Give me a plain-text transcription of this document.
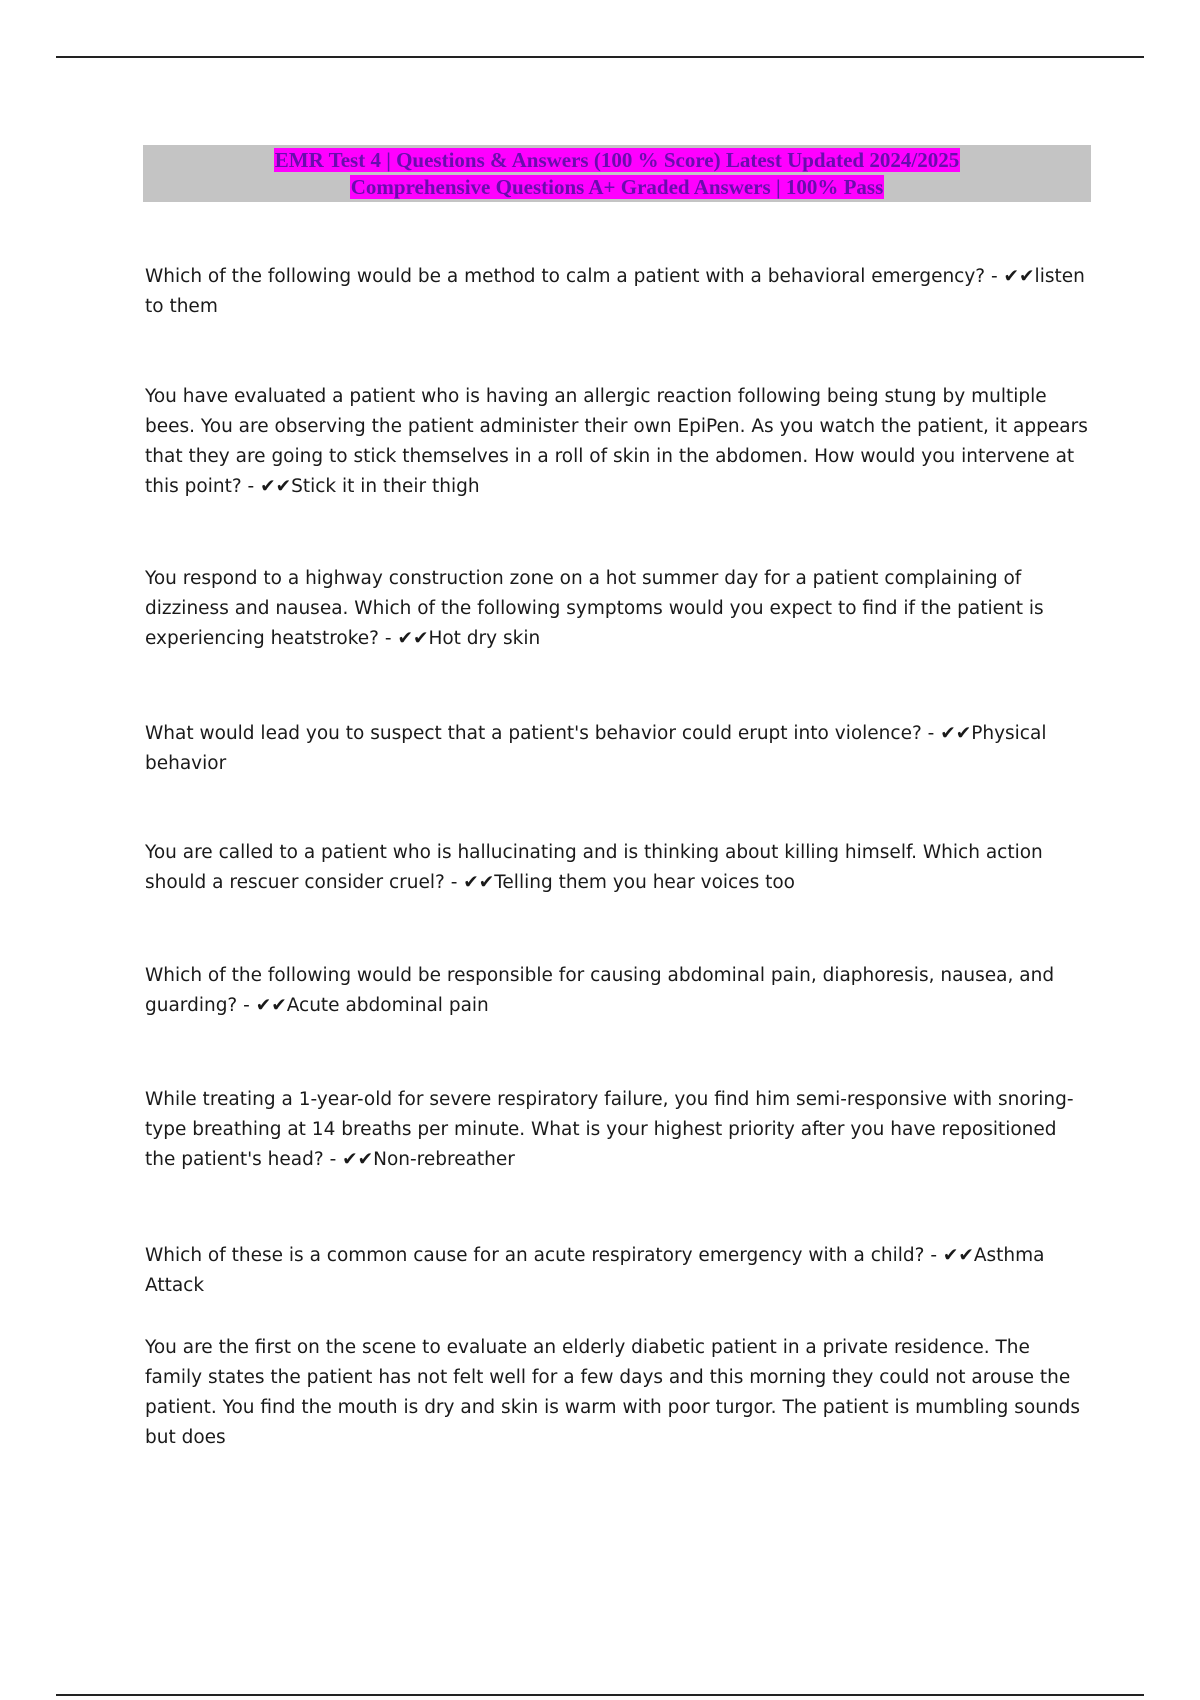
EMR Test 4 | Questions & Answers (100 % Score) Latest Updated 2024/2025
Comprehensive Questions A+ Graded Answers | 100% Pass

Which of the following would be a method to calm a patient with a behavioral emergency? - ✔✔listen to them

You have evaluated a patient who is having an allergic reaction following being stung by multiple bees. You are observing the patient administer their own EpiPen. As you watch the patient, it appears that they are going to stick themselves in a roll of skin in the abdomen. How would you intervene at this point? - ✔✔Stick it in their thigh

You respond to a highway construction zone on a hot summer day for a patient complaining of dizziness and nausea. Which of the following symptoms would you expect to find if the patient is experiencing heatstroke? - ✔✔Hot dry skin

What would lead you to suspect that a patient's behavior could erupt into violence? - ✔✔Physical behavior

You are called to a patient who is hallucinating and is thinking about killing himself. Which action should a rescuer consider cruel? - ✔✔Telling them you hear voices too

Which of the following would be responsible for causing abdominal pain, diaphoresis, nausea, and guarding? - ✔✔Acute abdominal pain

While treating a 1-year-old for severe respiratory failure, you find him semi-responsive with snoring-type breathing at 14 breaths per minute. What is your highest priority after you have repositioned the patient's head? - ✔✔Non-rebreather

Which of these is a common cause for an acute respiratory emergency with a child? - ✔✔Asthma Attack

You are the first on the scene to evaluate an elderly diabetic patient in a private residence. The family states the patient has not felt well for a few days and this morning they could not arouse the patient. You find the mouth is dry and skin is warm with poor turgor. The patient is mumbling sounds but does
